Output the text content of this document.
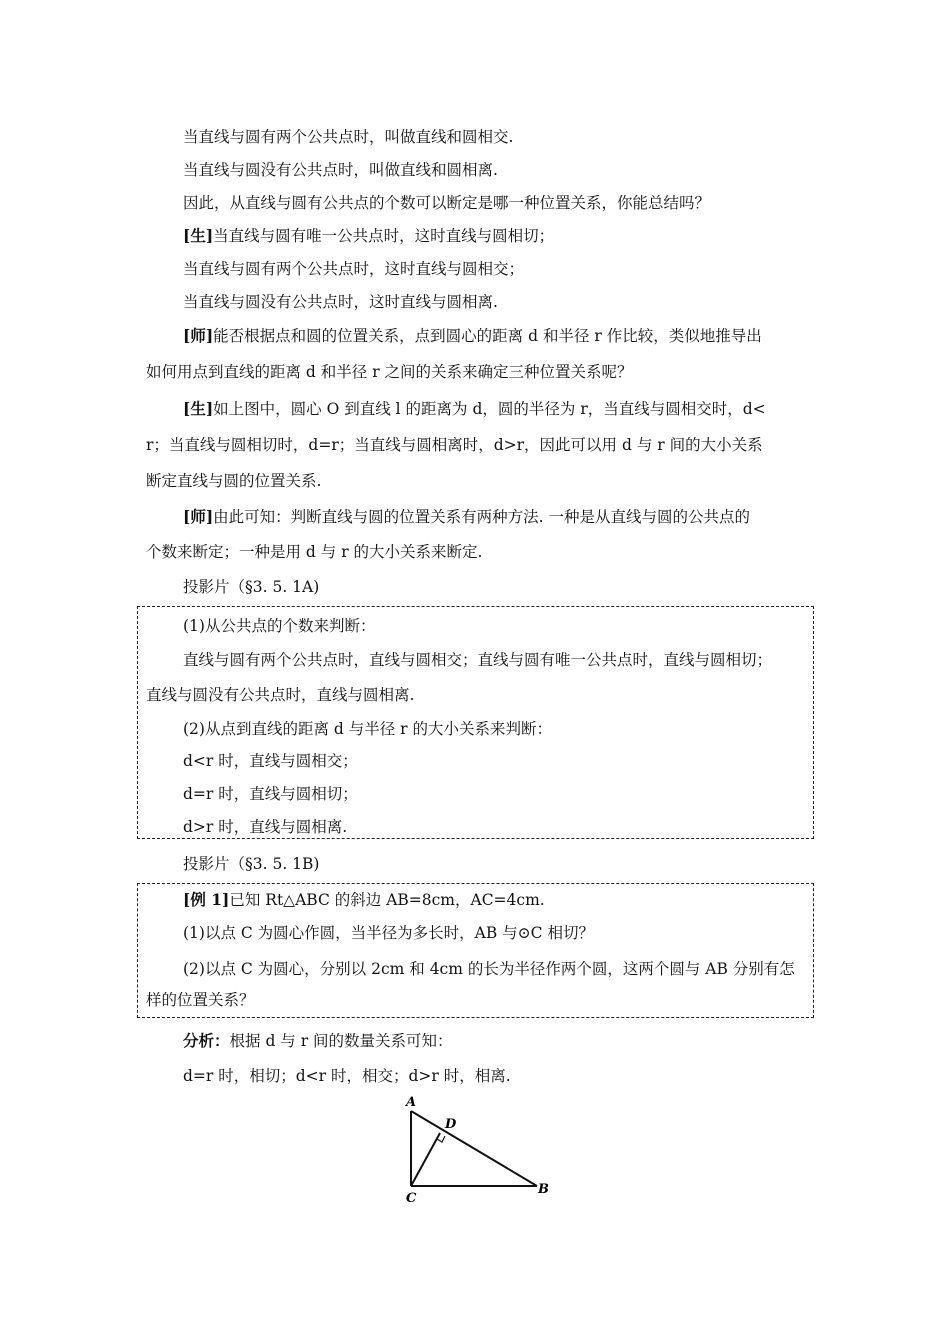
当直线与圆有两个公共点时，叫做直线和圆相交.
当直线与圆没有公共点时，叫做直线和圆相离.
因此，从直线与圆有公共点的个数可以断定是哪一种位置关系，你能总结吗？
[生]当直线与圆有唯一公共点时，这时直线与圆相切；
当直线与圆有两个公共点时，这时直线与圆相交；
当直线与圆没有公共点时，这时直线与圆相离.
[师]能否根据点和圆的位置关系，点到圆心的距离 d 和半径 r 作比较，类似地推导出
如何用点到直线的距离 d 和半径 r 之间的关系来确定三种位置关系呢？
[生]如上图中，圆心 O 到直线 l 的距离为 d，圆的半径为 r，当直线与圆相交时，d<
r；当直线与圆相切时，d=r；当直线与圆相离时，d>r，因此可以用 d 与 r 间的大小关系
断定直线与圆的位置关系.
[师]由此可知：判断直线与圆的位置关系有两种方法. 一种是从直线与圆的公共点的
个数来断定；一种是用 d 与 r 的大小关系来断定.
投影片（§3. 5. 1A)
(1)从公共点的个数来判断：
直线与圆有两个公共点时，直线与圆相交；直线与圆有唯一公共点时，直线与圆相切；
直线与圆没有公共点时，直线与圆相离.
(2)从点到直线的距离 d 与半径 r 的大小关系来判断：
d<r 时，直线与圆相交；
d=r 时，直线与圆相切；
d>r 时，直线与圆相离.
投影片（§3. 5. 1B)
[例 1]已知 Rt△ABC 的斜边 AB=8cm，AC=4cm.
(1)以点 C 为圆心作圆，当半径为多长时，AB 与⊙C 相切？
(2)以点 C 为圆心，分别以 2cm 和 4cm 的长为半径作两个圆，这两个圆与 AB 分别有怎
样的位置关系？
分析：根据 d 与 r 间的数量关系可知：
d=r 时，相切；d<r 时，相交；d>r 时，相离.
A
D
C
B
